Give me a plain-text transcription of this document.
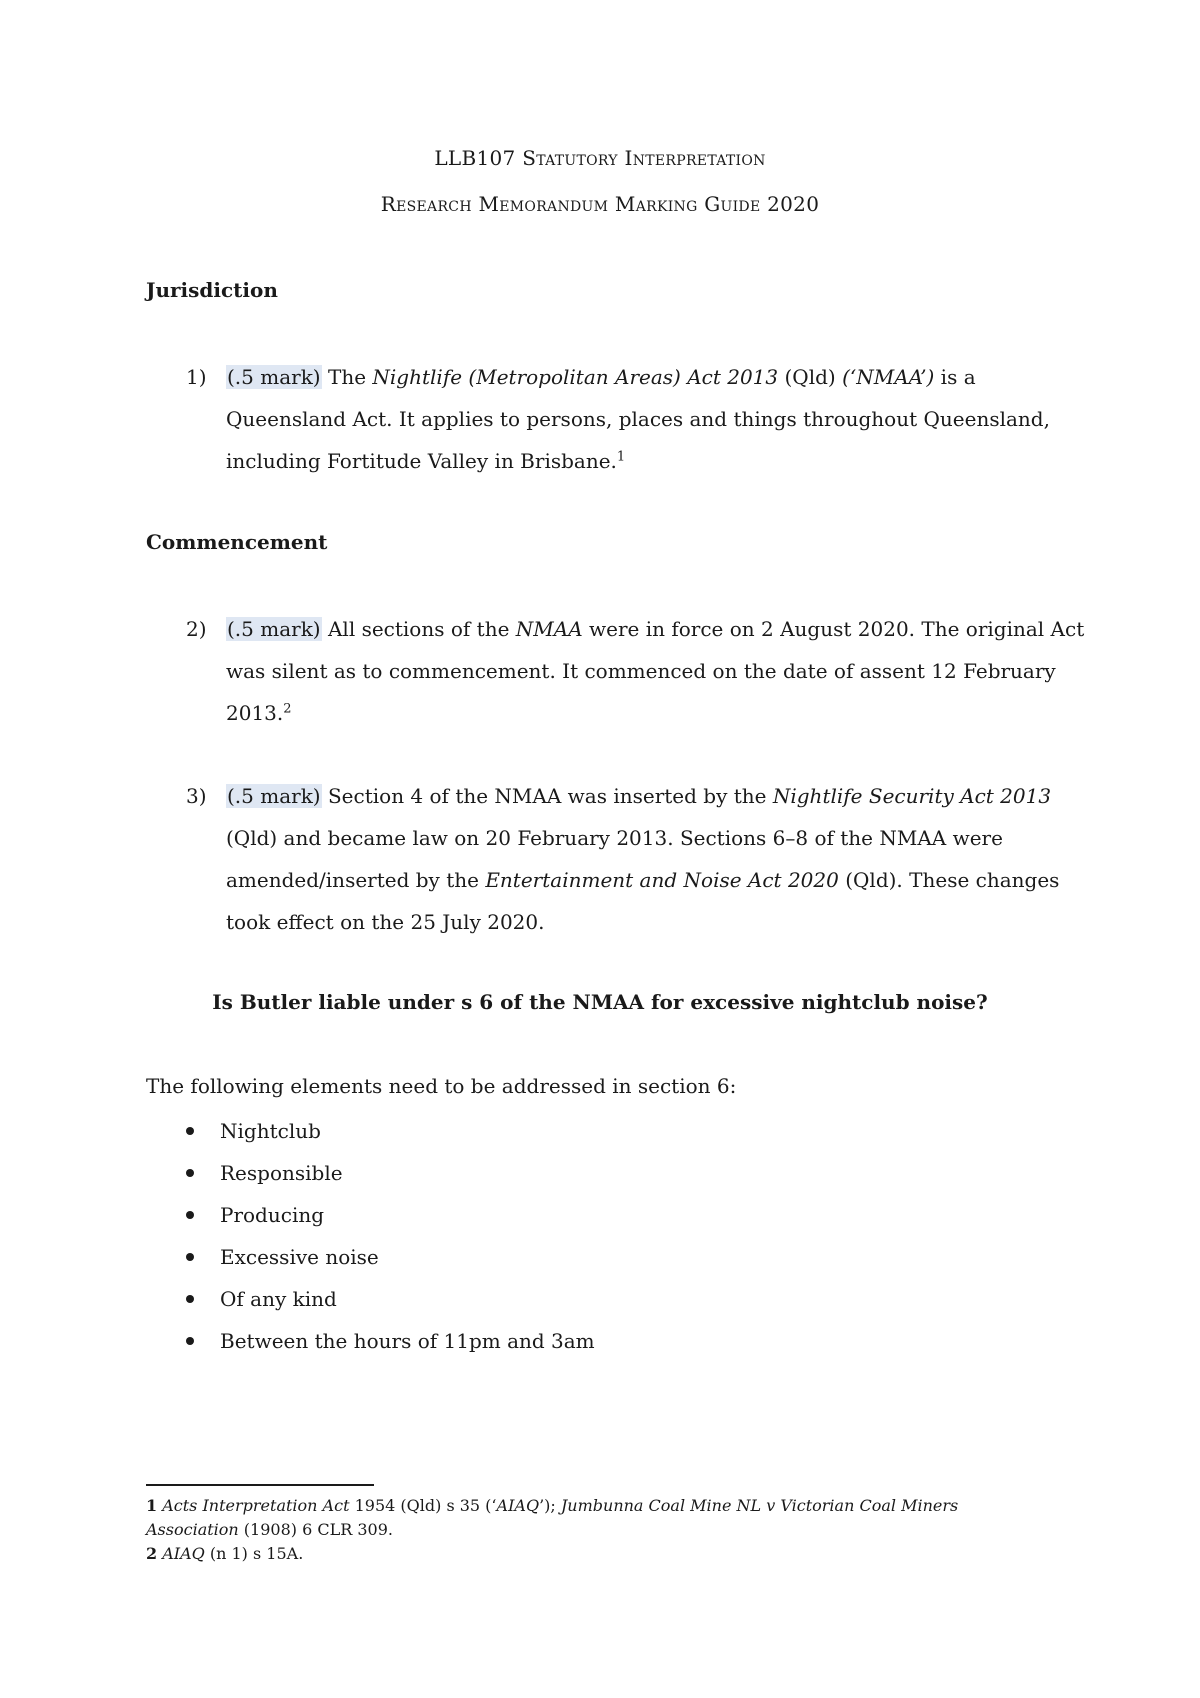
LLB107 Statutory Interpretation
Research Memorandum Marking Guide 2020
Jurisdiction
1) (.5 mark) The Nightlife (Metropolitan Areas) Act 2013 (Qld) (‘NMAA’) is a Queensland Act. It applies to persons, places and things throughout Queensland, including Fortitude Valley in Brisbane.$^1$
Commencement
2) (.5 mark) All sections of the NMAA were in force on 2 August 2020. The original Act was silent as to commencement. It commenced on the date of assent 12 February 2013.$^2$
3) (.5 mark) Section 4 of the NMAA was inserted by the Nightlife Security Act 2013 (Qld) and became law on 20 February 2013. Sections 6–8 of the NMAA were amended/inserted by the Entertainment and Noise Act 2020 (Qld). These changes took effect on the 25 July 2020.
Is Butler liable under s 6 of the NMAA for excessive nightclub noise?
The following elements need to be addressed in section 6:
Nightclub
Responsible
Producing
Excessive noise
Of any kind
Between the hours of 11pm and 3am

1 Acts Interpretation Act 1954 (Qld) s 35 (‘AIAQ’); Jumbunna Coal Mine NL v Victorian Coal Miners Association (1908) 6 CLR 309.

2 AIAQ (n 1) s 15A.
